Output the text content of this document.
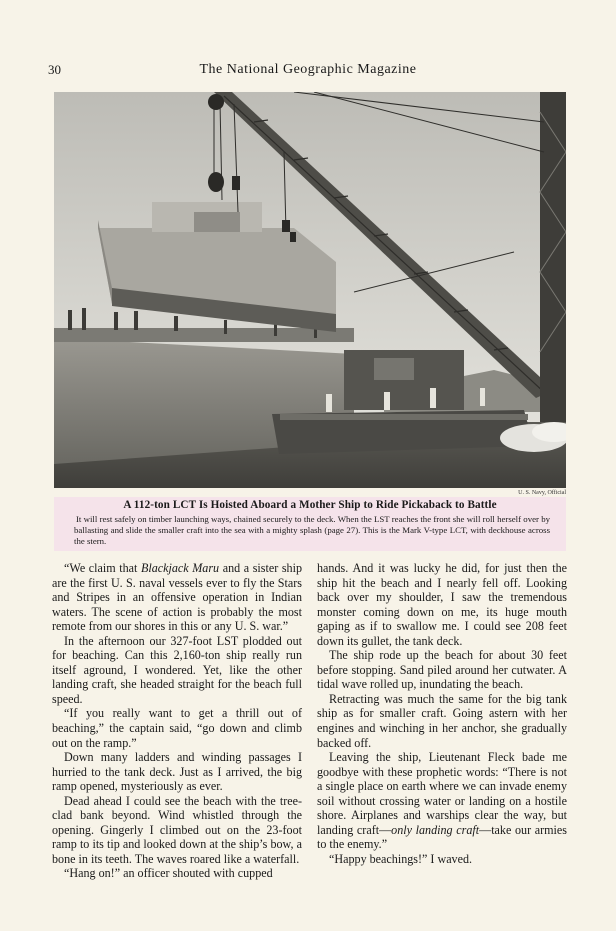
30	The National Geographic Magazine
U. S. Navy, Official
A 112-ton LCT Is Hoisted Aboard a Mother Ship to Ride Pickaback to Battle
It will rest safely on timber launching ways, chained securely to the deck. When the LST reaches the front she will roll herself over by ballasting and slide the smaller craft into the sea with a mighty splash (page 27). This is the Mark V-type LCT, with deckhouse across the stern.

“We claim that Blackjack Maru and a sister ship are the first U. S. naval vessels ever to fly the Stars and Stripes in an offensive operation in Indian waters. The scene of action is probably the most remote from our shores in this or any U. S. war.”

In the afternoon our 327-foot LST plodded out for beaching. Can this 2,160-ton ship really run itself aground, I wondered. Yet, like the other landing craft, she headed straight for the beach full speed.

“If you really want to get a thrill out of beaching,” the captain said, “go down and climb out on the ramp.”

Down many ladders and winding passages I hurried to the tank deck. Just as I arrived, the big ramp opened, mysteriously as ever.

Dead ahead I could see the beach with the tree-clad bank beyond. Wind whistled through the opening. Gingerly I climbed out on the 23-foot ramp to its tip and looked down at the ship’s bow, a bone in its teeth. The waves roared like a waterfall.

“Hang on!” an officer shouted with cupped

hands. And it was lucky he did, for just then the ship hit the beach and I nearly fell off. Looking back over my shoulder, I saw the tremendous monster coming down on me, its huge mouth gaping as if to swallow me. I could see 208 feet down its gullet, the tank deck.

The ship rode up the beach for about 30 feet before stopping. Sand piled around her cutwater. A tidal wave rolled up, inundating the beach.

Retracting was much the same for the big tank ship as for smaller craft. Going astern with her engines and winching in her anchor, she gradually backed off.

Leaving the ship, Lieutenant Fleck bade me goodbye with these prophetic words: “There is not a single place on earth where we can invade enemy soil without crossing water or landing on a hostile shore. Airplanes and warships clear the way, but landing craft—only landing craft—take our armies to the enemy.”

“Happy beachings!” I waved.
